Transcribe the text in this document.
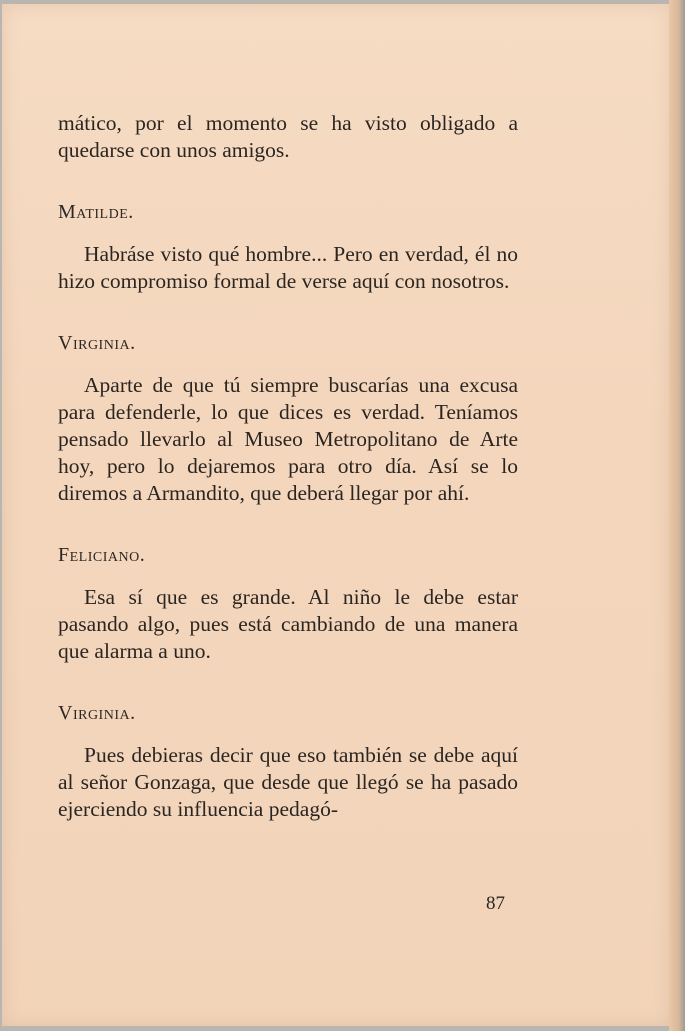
mático, por el momento se ha visto obligado a quedarse con unos amigos.

Matilde.

Habráse visto qué hombre... Pero en verdad, él no hizo compromiso formal de verse aquí con nosotros.

Virginia.

Aparte de que tú siempre buscarías una excusa para defenderle, lo que dices es verdad. Teníamos pensado llevarlo al Museo Metropolitano de Arte hoy, pero lo dejaremos para otro día. Así se lo diremos a Armandito, que deberá llegar por ahí.

Feliciano.

Esa sí que es grande. Al niño le debe estar pasando algo, pues está cambiando de una manera que alarma a uno.

Virginia.

Pues debieras decir que eso también se debe aquí al señor Gonzaga, que desde que llegó se ha pasado ejerciendo su influencia pedagó-

87
